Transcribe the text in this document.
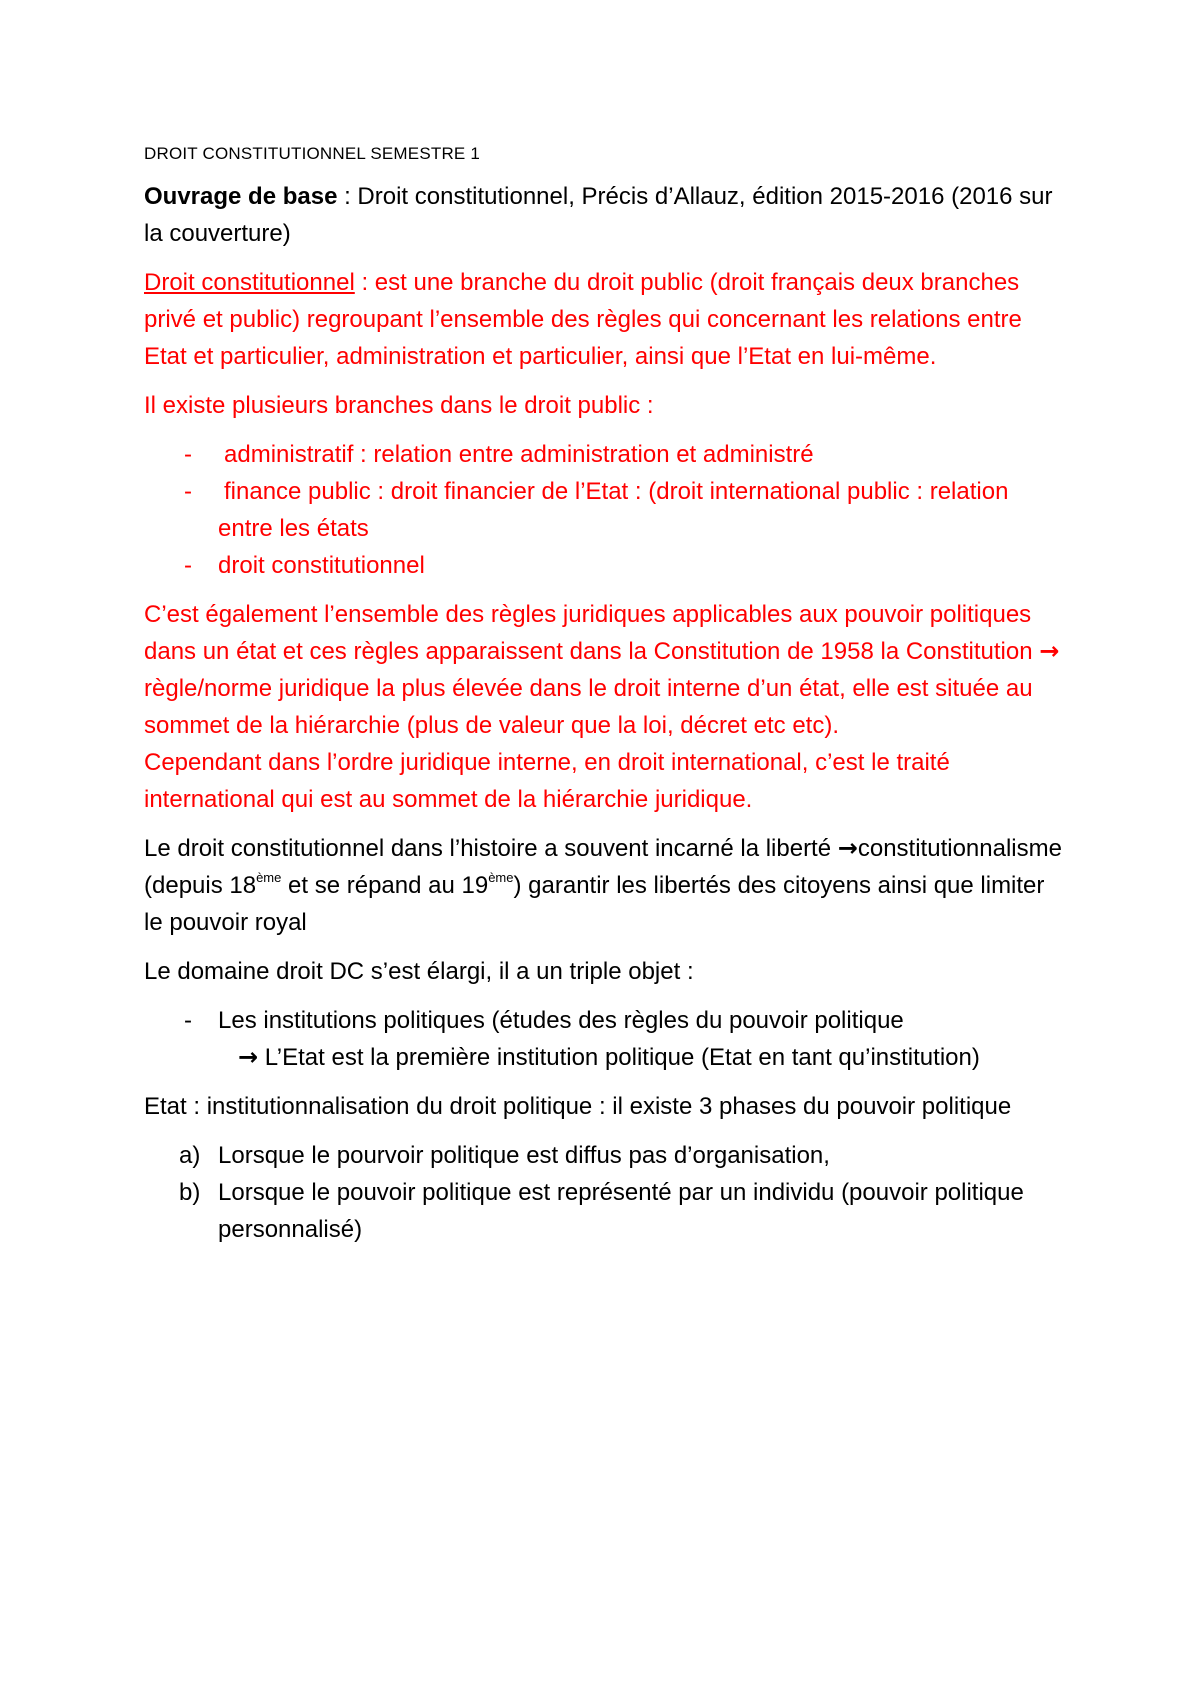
DROIT CONSTITUTIONNEL SEMESTRE 1

Ouvrage de base : Droit constitutionnel, Précis d’Allauz, édition 2015-2016 (2016 sur la couverture)

Droit constitutionnel : est une branche du droit public (droit français deux branches privé et public) regroupant l’ensemble des règles qui concernant les relations entre Etat et particulier, administration et particulier, ainsi que l’Etat en lui-même.

Il existe plusieurs branches dans le droit public :

- administratif : relation entre administration et administré
- finance public : droit financier de l’Etat : (droit international public : relation entre les états
- droit constitutionnel

C’est également l’ensemble des règles juridiques applicables aux pouvoir politiques dans un état et ces règles apparaissent dans la Constitution de 1958 la Constitution → règle/norme juridique la plus élevée dans le droit interne d’un état, elle est située au sommet de la hiérarchie (plus de valeur que la loi, décret etc etc).

Cependant dans l’ordre juridique interne, en droit international, c’est le traité international qui est au sommet de la hiérarchie juridique.

Le droit constitutionnel dans l’histoire a souvent incarné la liberté →constitutionnalisme (depuis 18ème et se répand au 19ème) garantir les libertés des citoyens ainsi que limiter le pouvoir royal

Le domaine droit DC s’est élargi, il a un triple objet :

- Les institutions politiques (études des règles du pouvoir politique
→ L’Etat est la première institution politique (Etat en tant qu’institution)

Etat : institutionnalisation du droit politique : il existe 3 phases du pouvoir politique

a) Lorsque le pourvoir politique est diffus pas d’organisation,
b) Lorsque le pouvoir politique est représenté par un individu (pouvoir politique personnalisé)
